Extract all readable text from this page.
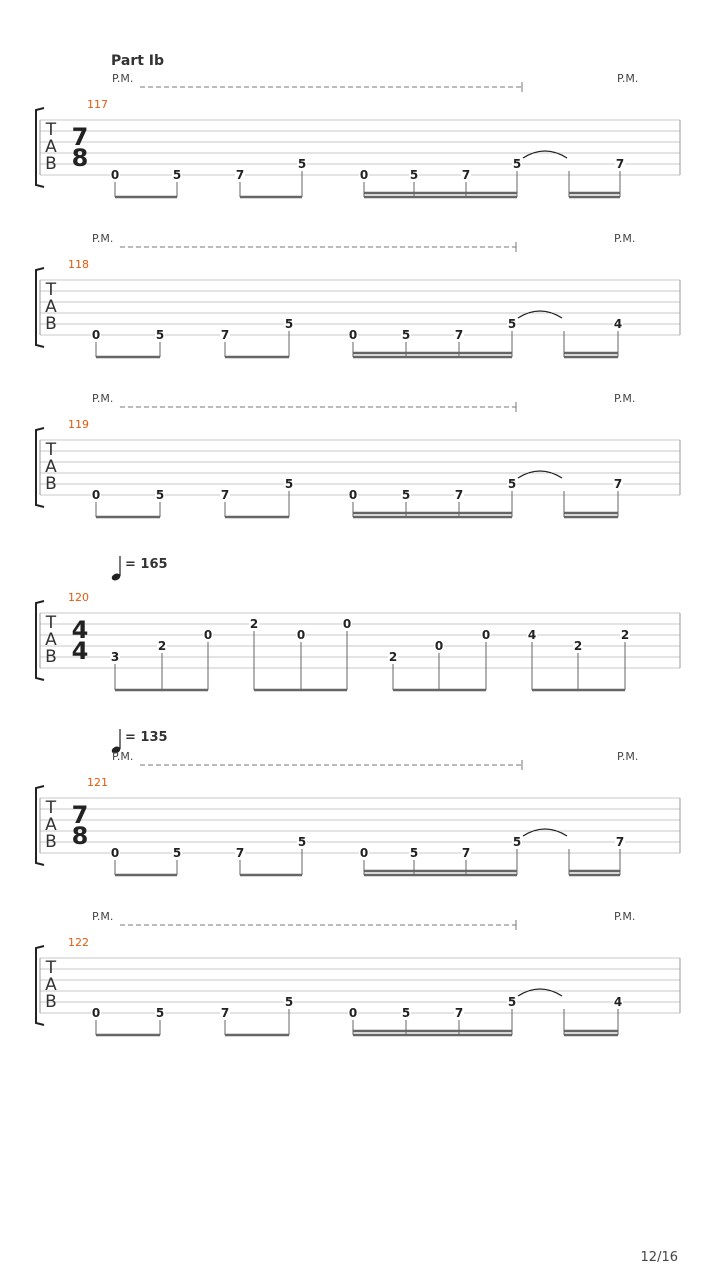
Part Ib
T
A
B
117
7
8
P.M.	P.M.
0	5	7
5
0	5	7
5	7
T
A
B
118
P.M.	P.M.
0	5	7
5
0	5	7
5	4
T
A
B
119
P.M.	P.M.
0	5	7
5
0	5	7
5	7
T
A
B
120
4
4
= 165
3
2
0
2
0
0
2
0
0	4
2
2
T
A
B
121
7
8
= 135
P.M.	P.M.
0	5	7
5
0	5	7
5	7
T
A
B
122
P.M.	P.M.
0	5	7
5
0	5	7
5	4
12/16
